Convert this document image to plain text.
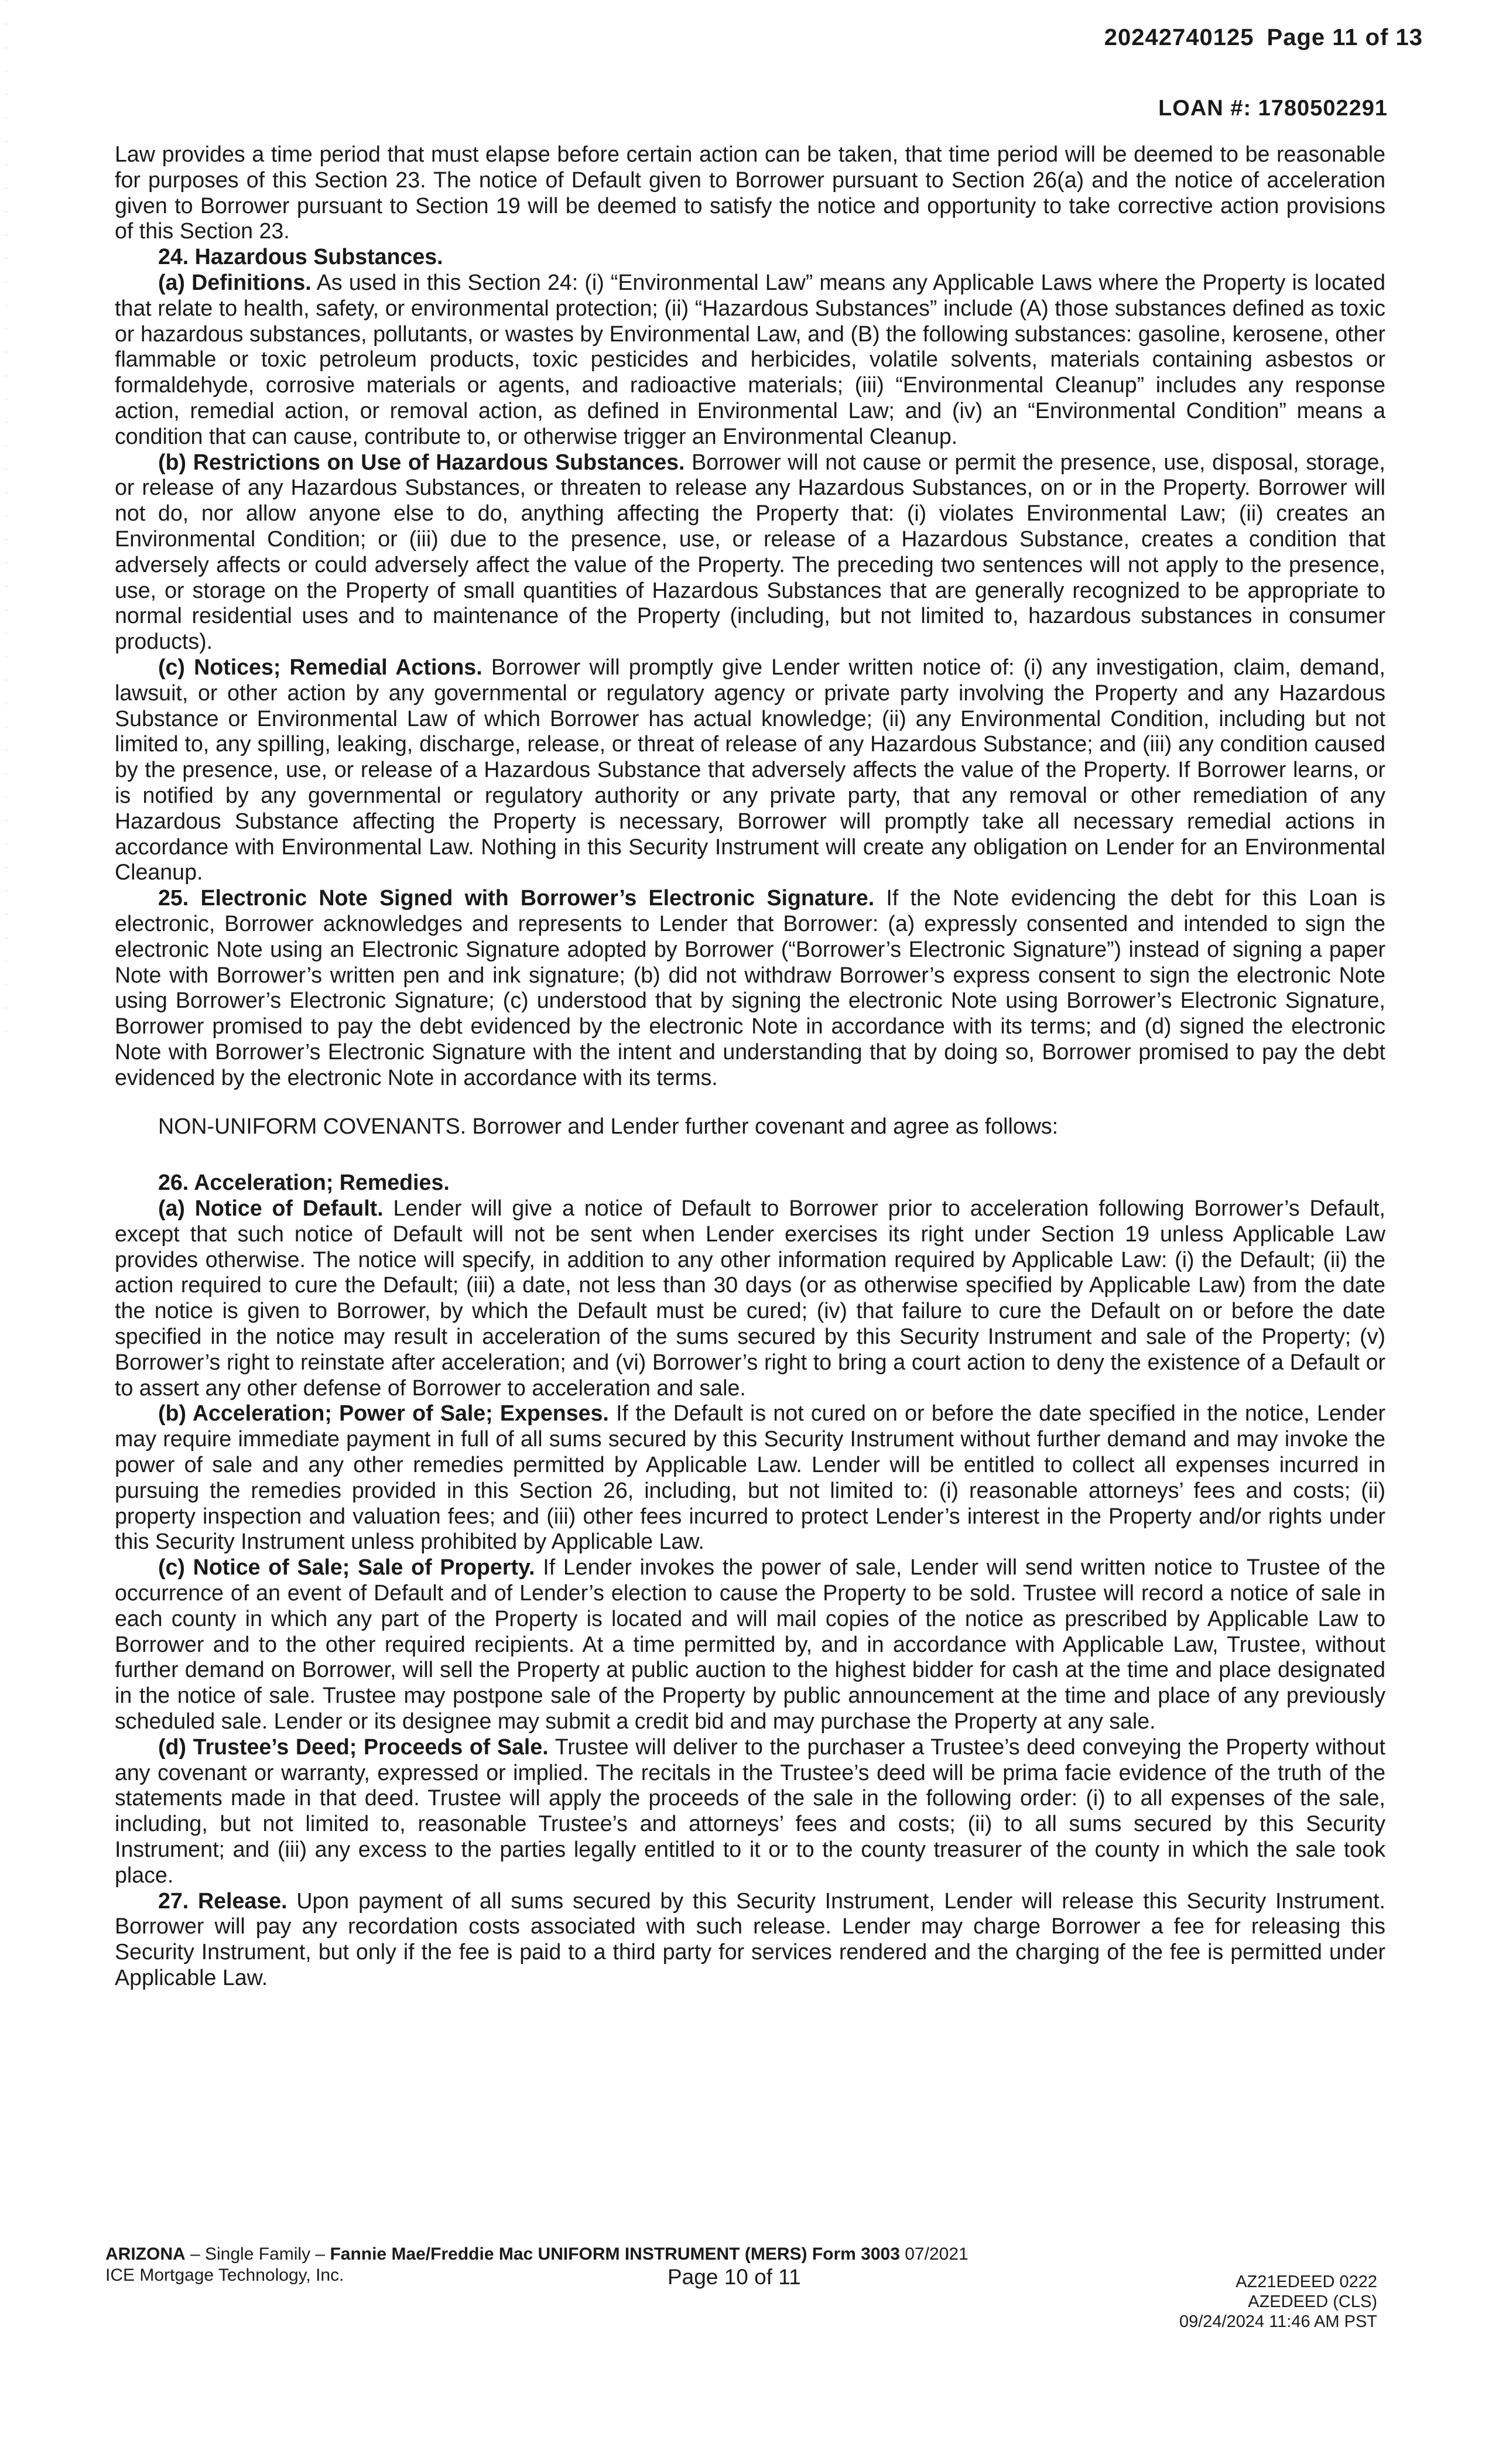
20242740125 Page 11 of 13
LOAN #: 1780502291

Law provides a time period that must elapse before certain action can be taken, that time period will be deemed to be reasonable for purposes of this Section 23. The notice of Default given to Borrower pursuant to Section 26(a) and the notice of acceleration given to Borrower pursuant to Section 19 will be deemed to satisfy the notice and opportunity to take corrective action provisions of this Section 23.

24. Hazardous Substances.

(a) Definitions. As used in this Section 24: (i) “Environmental Law” means any Applicable Laws where the Property is located that relate to health, safety, or environmental protection; (ii) “Hazardous Substances” include (A) those substances defined as toxic or hazardous substances, pollutants, or wastes by Environmental Law, and (B) the following substances: gasoline, kerosene, other flammable or toxic petroleum products, toxic pesticides and herbicides, volatile solvents, materials containing asbestos or formaldehyde, corrosive materials or agents, and radioactive materials; (iii) “Environmental Cleanup” includes any response action, remedial action, or removal action, as defined in Environmental Law; and (iv) an “Environmental Condition” means a condition that can cause, contribute to, or otherwise trigger an Environmental Cleanup.

(b) Restrictions on Use of Hazardous Substances. Borrower will not cause or permit the presence, use, disposal, storage, or release of any Hazardous Substances, or threaten to release any Hazardous Substances, on or in the Property. Borrower will not do, nor allow anyone else to do, anything affecting the Property that: (i) violates Environmental Law; (ii) creates an Environmental Condition; or (iii) due to the presence, use, or release of a Hazardous Substance, creates a condition that adversely affects or could adversely affect the value of the Property. The preceding two sentences will not apply to the presence, use, or storage on the Property of small quantities of Hazardous Substances that are generally recognized to be appropriate to normal residential uses and to maintenance of the Property (including, but not limited to, hazardous substances in consumer products).

(c) Notices; Remedial Actions. Borrower will promptly give Lender written notice of: (i) any investigation, claim, demand, lawsuit, or other action by any governmental or regulatory agency or private party involving the Property and any Hazardous Substance or Environmental Law of which Borrower has actual knowledge; (ii) any Environmental Condition, including but not limited to, any spilling, leaking, discharge, release, or threat of release of any Hazardous Substance; and (iii) any condition caused by the presence, use, or release of a Hazardous Substance that adversely affects the value of the Property. If Borrower learns, or is notified by any governmental or regulatory authority or any private party, that any removal or other remediation of any Hazardous Substance affecting the Property is necessary, Borrower will promptly take all necessary remedial actions in accordance with Environmental Law. Nothing in this Security Instrument will create any obligation on Lender for an Environmental Cleanup.

25. Electronic Note Signed with Borrower’s Electronic Signature. If the Note evidencing the debt for this Loan is electronic, Borrower acknowledges and represents to Lender that Borrower: (a) expressly consented and intended to sign the electronic Note using an Electronic Signature adopted by Borrower (“Borrower’s Electronic Signature”) instead of signing a paper Note with Borrower’s written pen and ink signature; (b) did not withdraw Borrower’s express consent to sign the electronic Note using Borrower’s Electronic Signature; (c) understood that by signing the electronic Note using Borrower’s Electronic Signature, Borrower promised to pay the debt evidenced by the electronic Note in accordance with its terms; and (d) signed the electronic Note with Borrower’s Electronic Signature with the intent and understanding that by doing so, Borrower promised to pay the debt evidenced by the electronic Note in accordance with its terms.

NON-UNIFORM COVENANTS. Borrower and Lender further covenant and agree as follows:

26. Acceleration; Remedies.

(a) Notice of Default. Lender will give a notice of Default to Borrower prior to acceleration following Borrower’s Default, except that such notice of Default will not be sent when Lender exercises its right under Section 19 unless Applicable Law provides otherwise. The notice will specify, in addition to any other information required by Applicable Law: (i) the Default; (ii) the action required to cure the Default; (iii) a date, not less than 30 days (or as otherwise specified by Applicable Law) from the date the notice is given to Borrower, by which the Default must be cured; (iv) that failure to cure the Default on or before the date specified in the notice may result in acceleration of the sums secured by this Security Instrument and sale of the Property; (v) Borrower’s right to reinstate after acceleration; and (vi) Borrower’s right to bring a court action to deny the existence of a Default or to assert any other defense of Borrower to acceleration and sale.

(b) Acceleration; Power of Sale; Expenses. If the Default is not cured on or before the date specified in the notice, Lender may require immediate payment in full of all sums secured by this Security Instrument without further demand and may invoke the power of sale and any other remedies permitted by Applicable Law. Lender will be entitled to collect all expenses incurred in pursuing the remedies provided in this Section 26, including, but not limited to: (i) reasonable attorneys’ fees and costs; (ii) property inspection and valuation fees; and (iii) other fees incurred to protect Lender’s interest in the Property and/or rights under this Security Instrument unless prohibited by Applicable Law.

(c) Notice of Sale; Sale of Property. If Lender invokes the power of sale, Lender will send written notice to Trustee of the occurrence of an event of Default and of Lender’s election to cause the Property to be sold. Trustee will record a notice of sale in each county in which any part of the Property is located and will mail copies of the notice as prescribed by Applicable Law to Borrower and to the other required recipients. At a time permitted by, and in accordance with Applicable Law, Trustee, without further demand on Borrower, will sell the Property at public auction to the highest bidder for cash at the time and place designated in the notice of sale. Trustee may postpone sale of the Property by public announcement at the time and place of any previously scheduled sale. Lender or its designee may submit a credit bid and may purchase the Property at any sale.

(d) Trustee’s Deed; Proceeds of Sale. Trustee will deliver to the purchaser a Trustee’s deed conveying the Property without any covenant or warranty, expressed or implied. The recitals in the Trustee’s deed will be prima facie evidence of the truth of the statements made in that deed. Trustee will apply the proceeds of the sale in the following order: (i) to all expenses of the sale, including, but not limited to, reasonable Trustee’s and attorneys’ fees and costs; (ii) to all sums secured by this Security Instrument; and (iii) any excess to the parties legally entitled to it or to the county treasurer of the county in which the sale took place.

27. Release. Upon payment of all sums secured by this Security Instrument, Lender will release this Security Instrument. Borrower will pay any recordation costs associated with such release. Lender may charge Borrower a fee for releasing this Security Instrument, but only if the fee is paid to a third party for services rendered and the charging of the fee is permitted under Applicable Law.

ARIZONA – Single Family – Fannie Mae/Freddie Mac UNIFORM INSTRUMENT (MERS) Form 3003 07/2021
ICE Mortgage Technology, Inc.	Page 10 of 11	AZ21EDEED 0222
AZEDEED (CLS)
09/24/2024 11:46 AM PST
